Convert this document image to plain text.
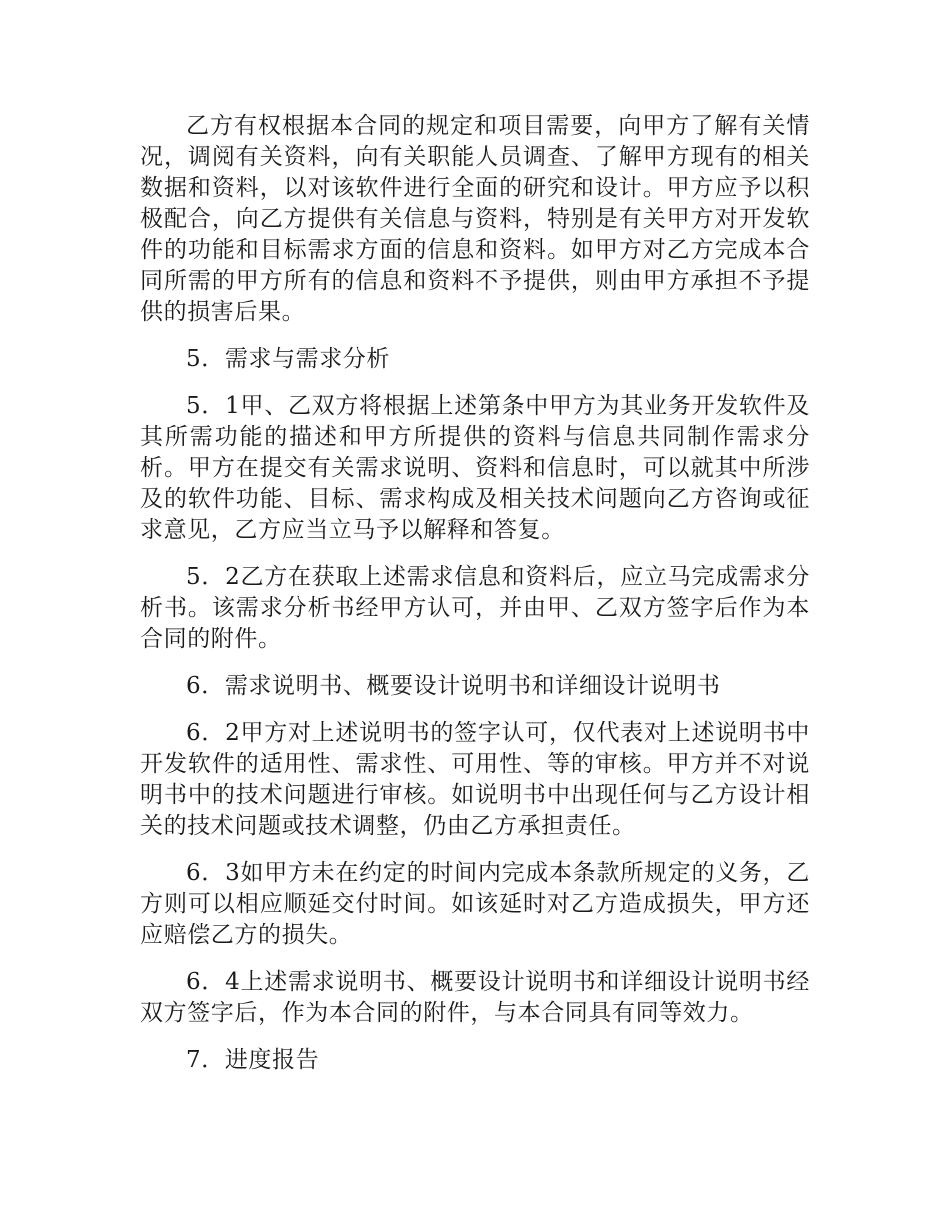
乙方有权根据本合同的规定和项目需要，向甲方了解有关情况，调阅有关资料，向有关职能人员调查、了解甲方现有的相关数据和资料，以对该软件进行全面的研究和设计。甲方应予以积极配合，向乙方提供有关信息与资料，特别是有关甲方对开发软件的功能和目标需求方面的信息和资料。如甲方对乙方完成本合同所需的甲方所有的信息和资料不予提供，则由甲方承担不予提供的损害后果。

5．需求与需求分析

5．1甲、乙双方将根据上述第条中甲方为其业务开发软件及其所需功能的描述和甲方所提供的资料与信息共同制作需求分析。甲方在提交有关需求说明、资料和信息时，可以就其中所涉及的软件功能、目标、需求构成及相关技术问题向乙方咨询或征求意见，乙方应当立马予以解释和答复。

5．2乙方在获取上述需求信息和资料后，应立马完成需求分析书。该需求分析书经甲方认可，并由甲、乙双方签字后作为本合同的附件。

6．需求说明书、概要设计说明书和详细设计说明书

6．2甲方对上述说明书的签字认可，仅代表对上述说明书中开发软件的适用性、需求性、可用性、等的审核。甲方并不对说明书中的技术问题进行审核。如说明书中出现任何与乙方设计相关的技术问题或技术调整，仍由乙方承担责任。

6．3如甲方未在约定的时间内完成本条款所规定的义务，乙方则可以相应顺延交付时间。如该延时对乙方造成损失，甲方还应赔偿乙方的损失。

6．4上述需求说明书、概要设计说明书和详细设计说明书经双方签字后，作为本合同的附件，与本合同具有同等效力。

7．进度报告
